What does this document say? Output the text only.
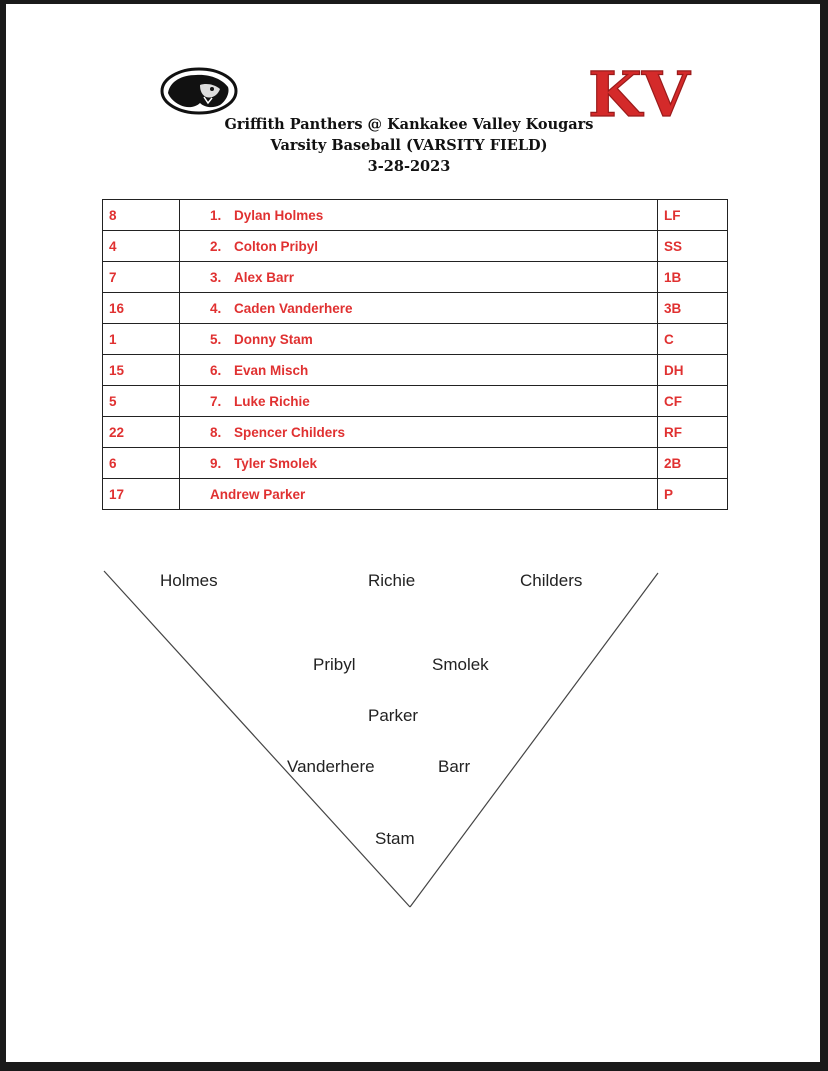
KV
Griffith Panthers @ Kankakee Valley Kougars
Varsity Baseball (VARSITY FIELD)
3-28-2023
8	1. Dylan Holmes	LF
4	2. Colton Pribyl	SS
7	3. Alex Barr	1B
16	4. Caden Vanderhere	3B
1	5. Donny Stam	C
15	6. Evan Misch	DH
5	7. Luke Richie	CF
22	8. Spencer Childers	RF
6	9. Tyler Smolek	2B
17	Andrew Parker	P
Holmes	Richie	Childers
Pribyl	Smolek
Parker
Vanderhere	Barr
Stam
